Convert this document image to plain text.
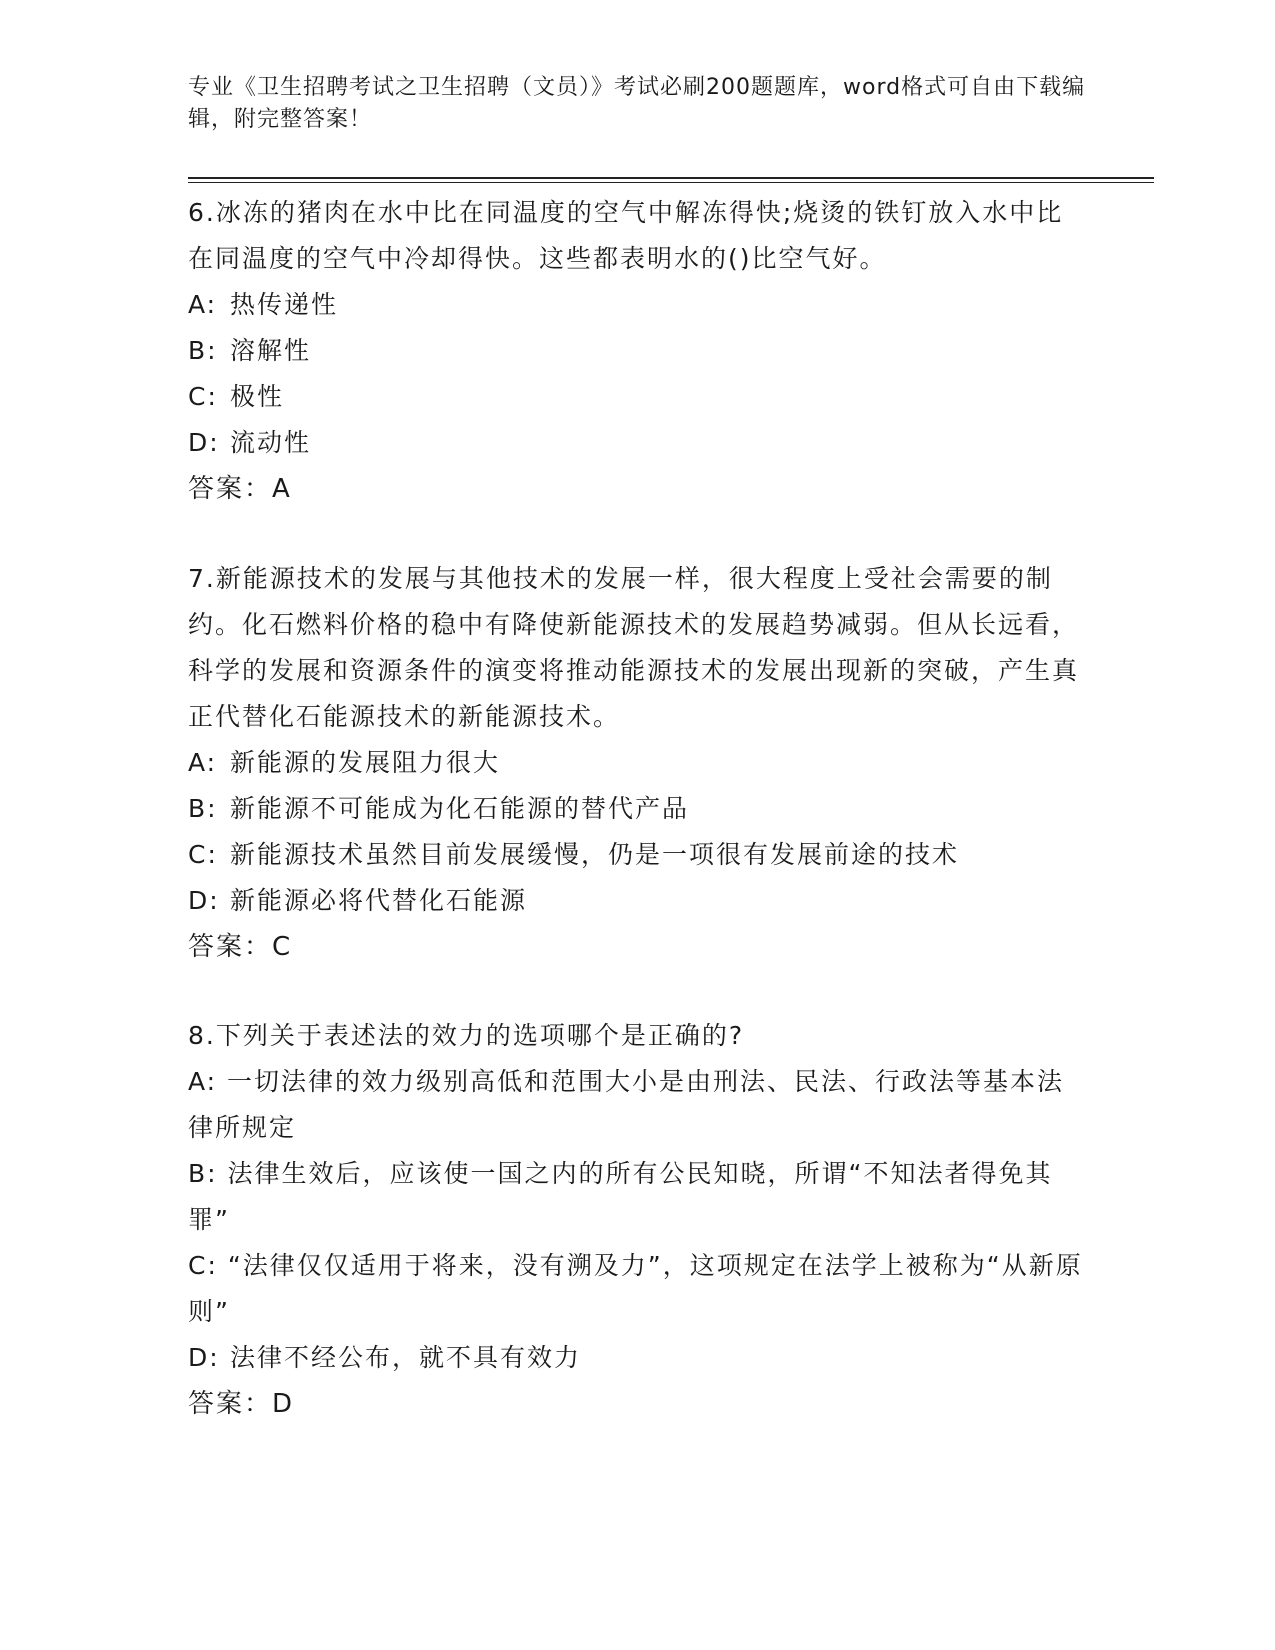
专业《卫生招聘考试之卫生招聘（文员）》考试必刷200题题库，word格式可自由下载编辑，附完整答案！

6.冰冻的猪肉在水中比在同温度的空气中解冻得快;烧烫的铁钉放入水中比在同温度的空气中冷却得快。这些都表明水的()比空气好。

A: 热传递性

B: 溶解性

C: 极性

D: 流动性

答案：A

7.新能源技术的发展与其他技术的发展一样，很大程度上受社会需要的制约。化石燃料价格的稳中有降使新能源技术的发展趋势减弱。但从长远看，科学的发展和资源条件的演变将推动能源技术的发展出现新的突破，产生真正代替化石能源技术的新能源技术。

A: 新能源的发展阻力很大

B: 新能源不可能成为化石能源的替代产品

C: 新能源技术虽然目前发展缓慢，仍是一项很有发展前途的技术

D: 新能源必将代替化石能源

答案：C

8.下列关于表述法的效力的选项哪个是正确的?

A: 一切法律的效力级别高低和范围大小是由刑法、民法、行政法等基本法律所规定

B: 法律生效后，应该使一国之内的所有公民知晓，所谓“不知法者得免其罪”

C: “法律仅仅适用于将来，没有溯及力”，这项规定在法学上被称为“从新原则”

D: 法律不经公布，就不具有效力

答案：D
